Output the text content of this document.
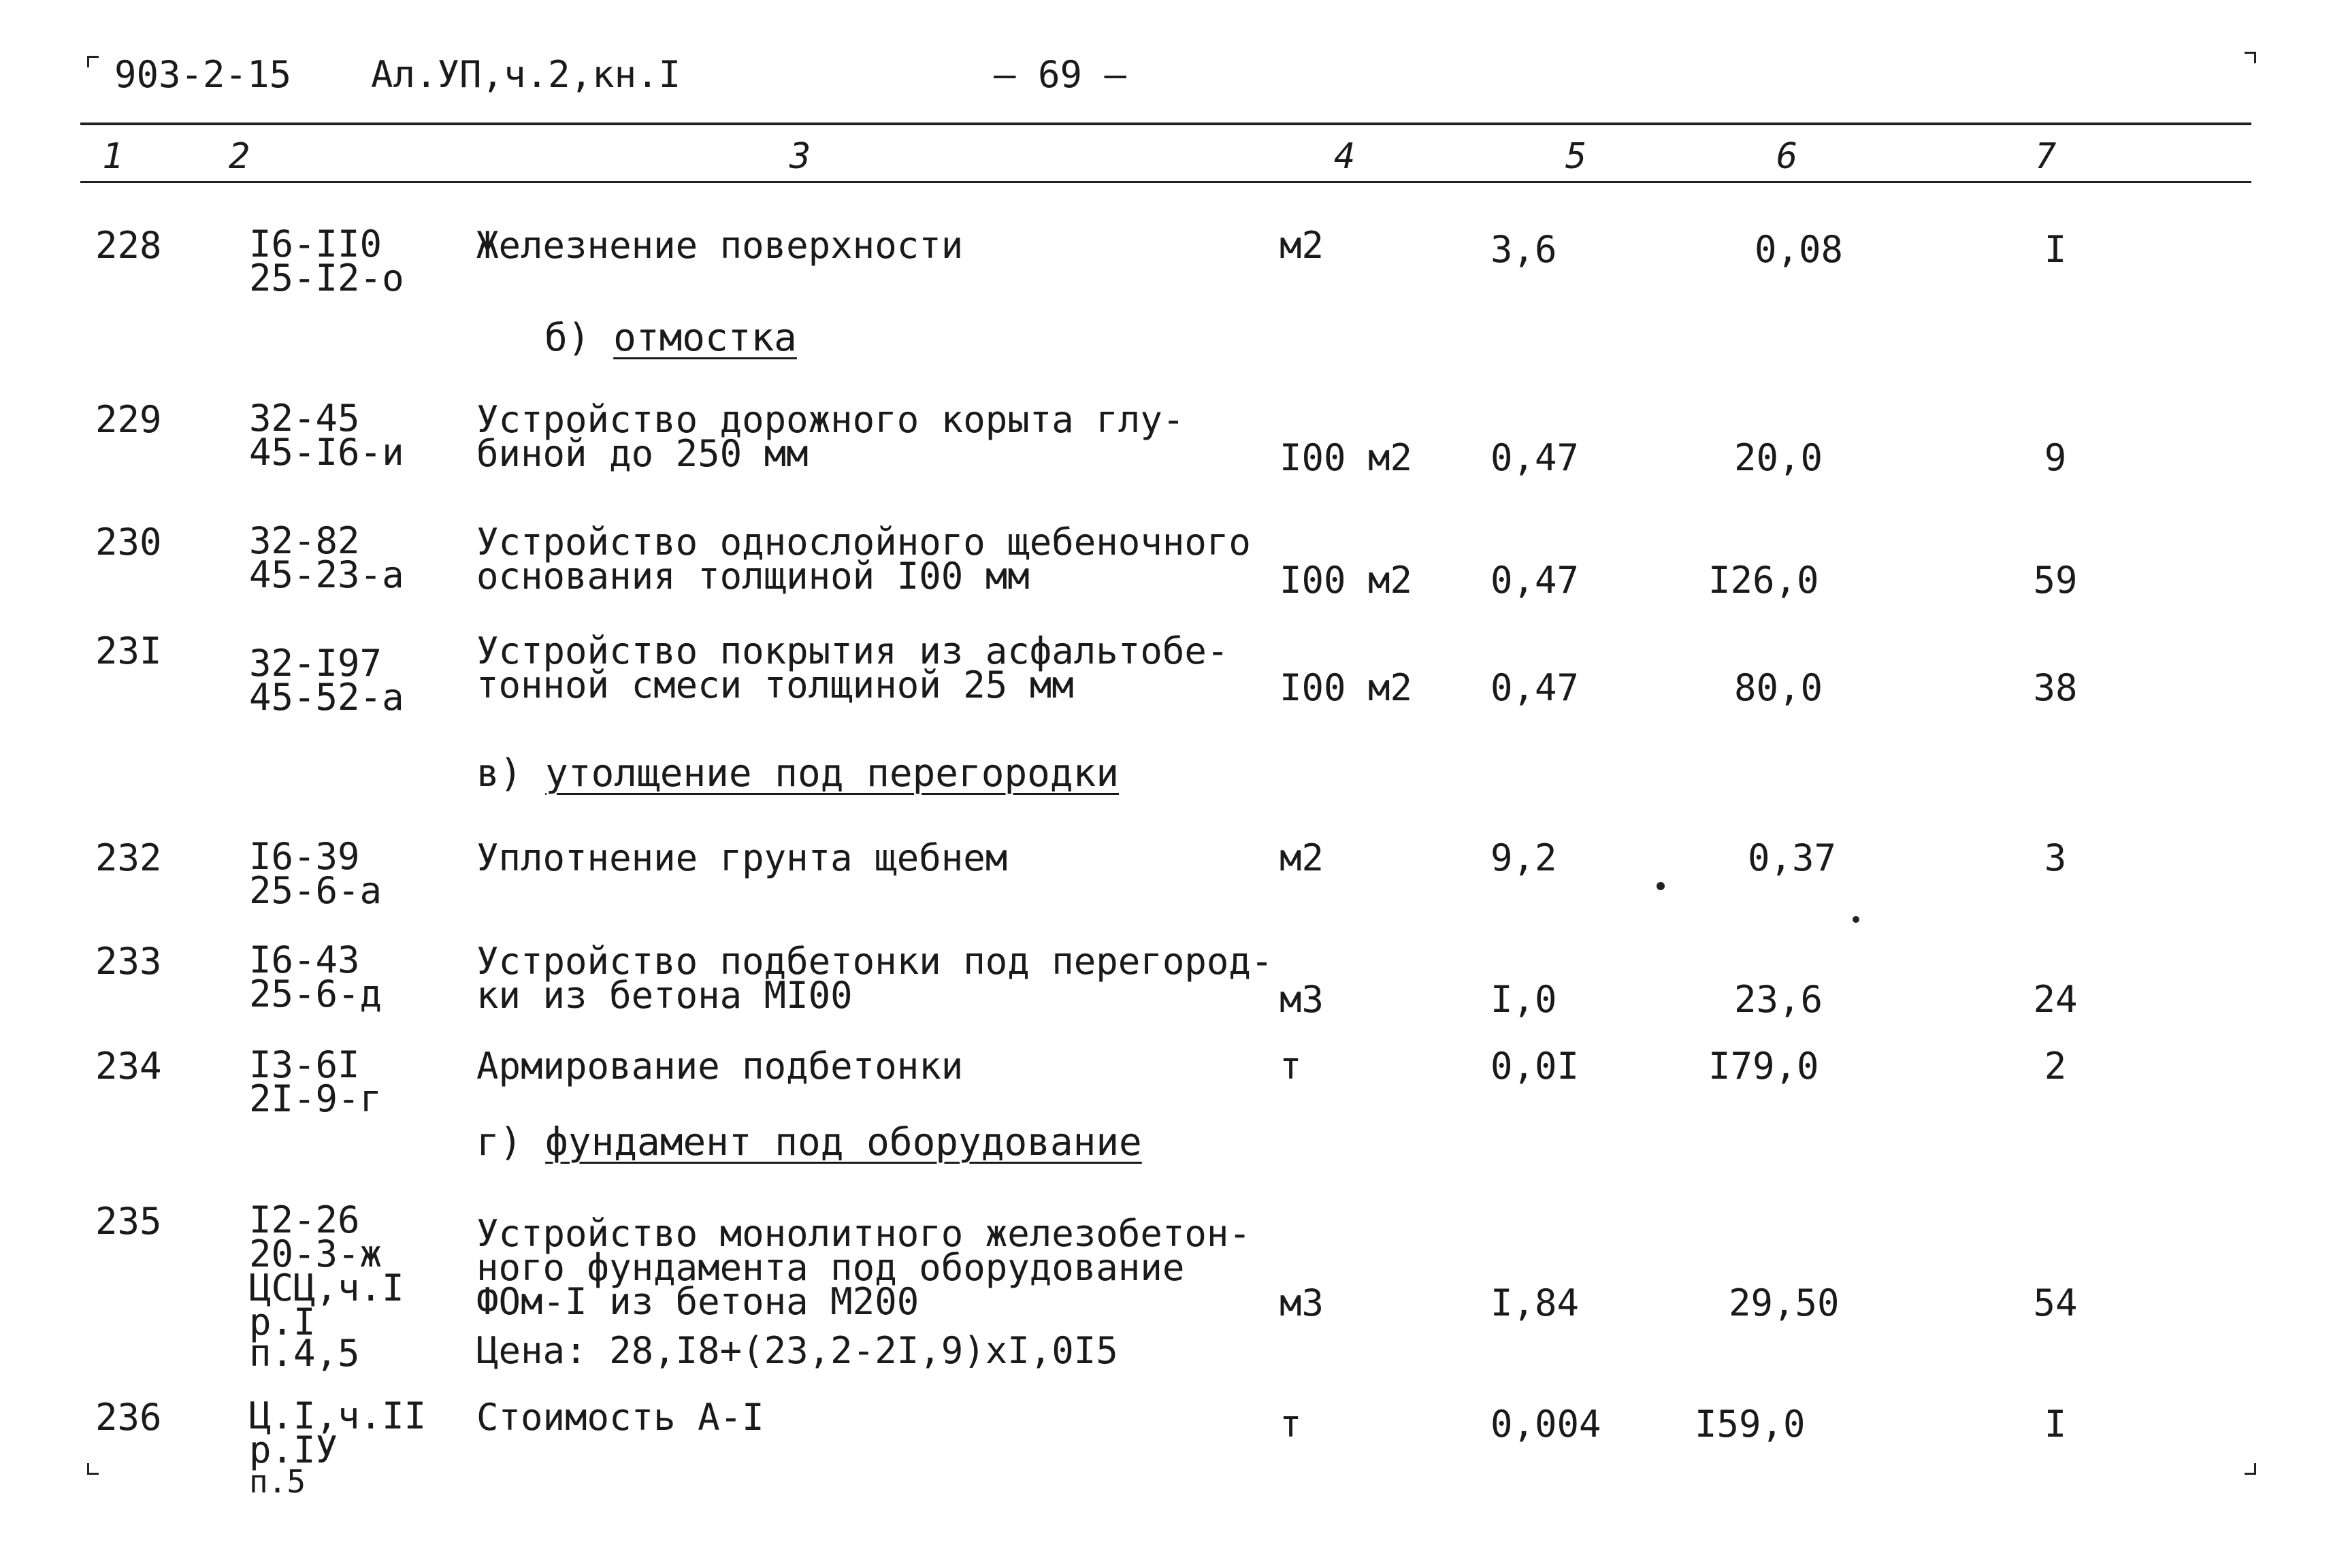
903-2-15 Ал.УП,ч.2,кн.I	— 69 —
1	2	3	4	5	6	7
228 I6-II0
25-I2-о
Железнение поверхности	м2	3,6	0,08	I
б) отмостка
229 32-45
45-I6-и
Устройство дорожного корыта глу-
биной до 250 мм	I00 м2 0,47	20,0	9
230 32-82
45-23-а
Устройство однослойного щебеночного
основания толщиной I00 мм	I00 м2 0,47	I26,0	59
23I 32-I97
45-52-а
Устройство покрытия из асфальтобе-
тонной смеси толщиной 25 мм	I00 м2 0,47	80,0	38
в) утолщение под перегородки
232 I6-39
25-6-а
Уплотнение грунта щебнем	м2	9,2	0,37	3
233 I6-43
25-6-д
Устройство подбетонки под перегород-
ки из бетона МI00	м3	I,0	23,6	24
234 I3-6I
2I-9-г
Армирование подбетонки	т	0,0I	I79,0	2
г) фундамент под оборудование
235 I2-26
20-3-ж
ЦСЦ,ч.I
р.I
п.4,5
Устройство монолитного железобетон-
ного фундамента под оборудование
ФОм-I из бетона М200
Цена: 28,I8+(23,2-2I,9)хI,0I5
м3	I,84	29,50	54
236 Ц.I,ч.II
р.IУ
п.5
Стоимость А-I	т	0,004	I59,0	I
